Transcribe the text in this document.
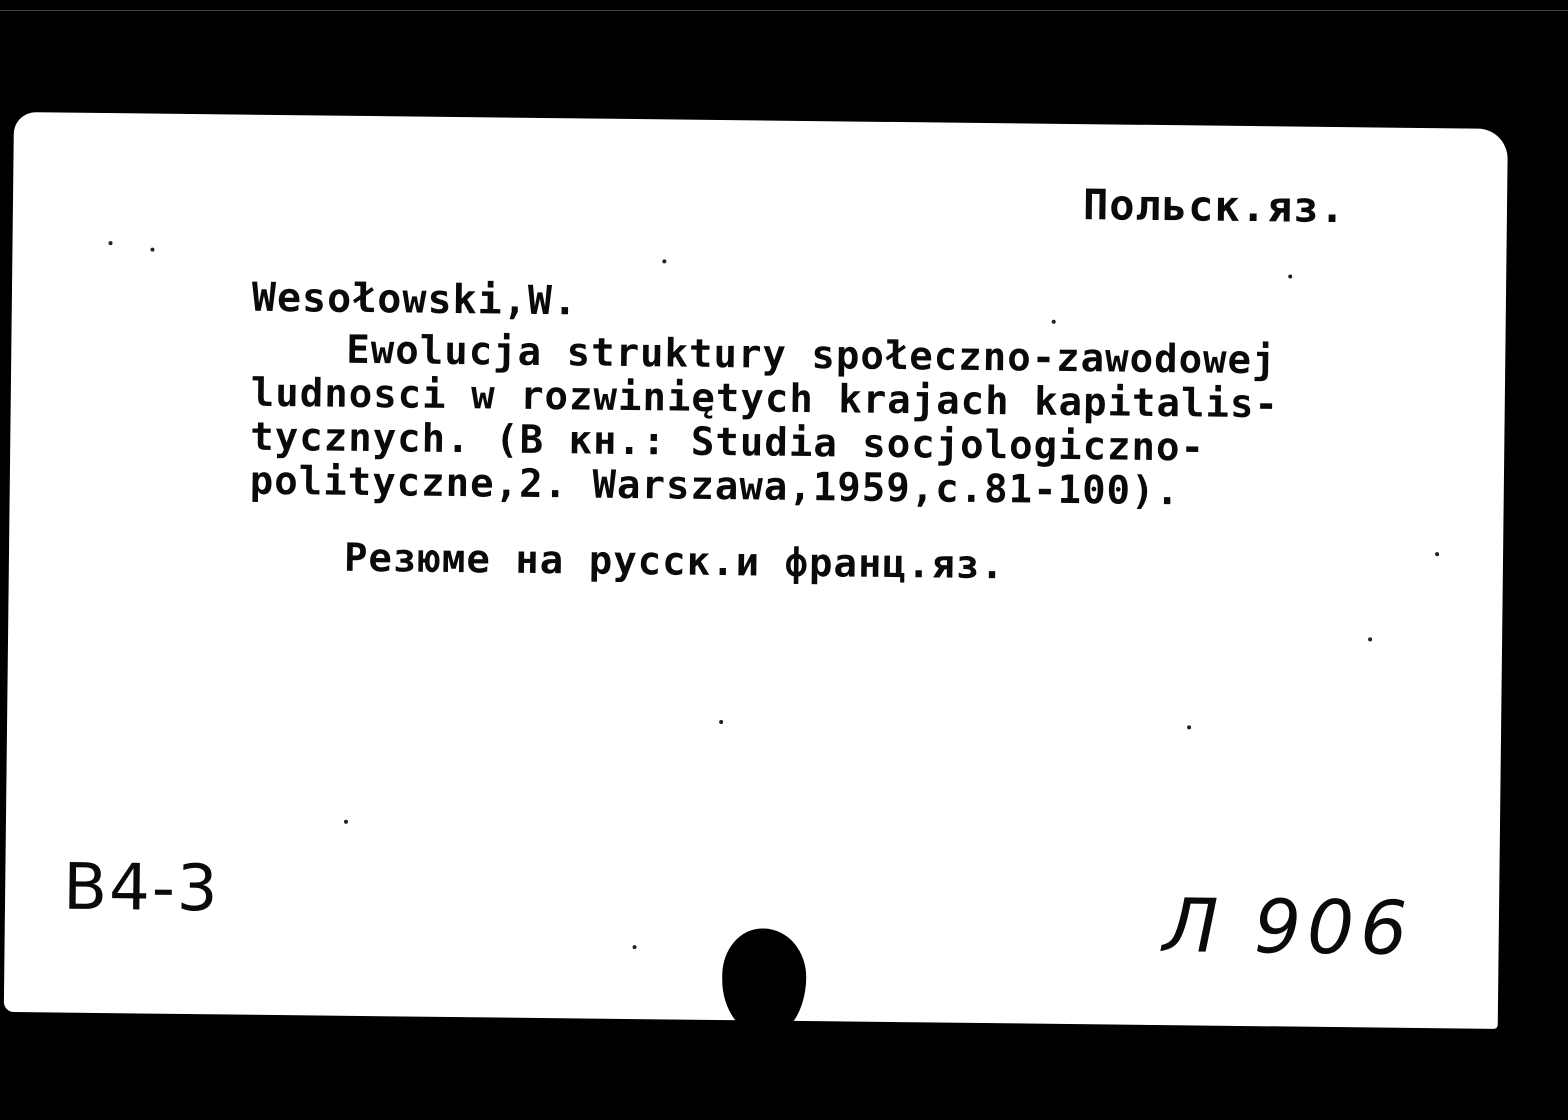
Польск.яз.
Wesołowski,W.
Ewolucja struktury społeczno-zawodowej
ludnosci w rozwiniętych krajach kapitalis-
tycznych. (В кн.: Studia socjologiczno-
polityczne,2. Warszawa,1959,с.81-100).
Резюме на русск.и франц.яз.
В4-3	Л 906
